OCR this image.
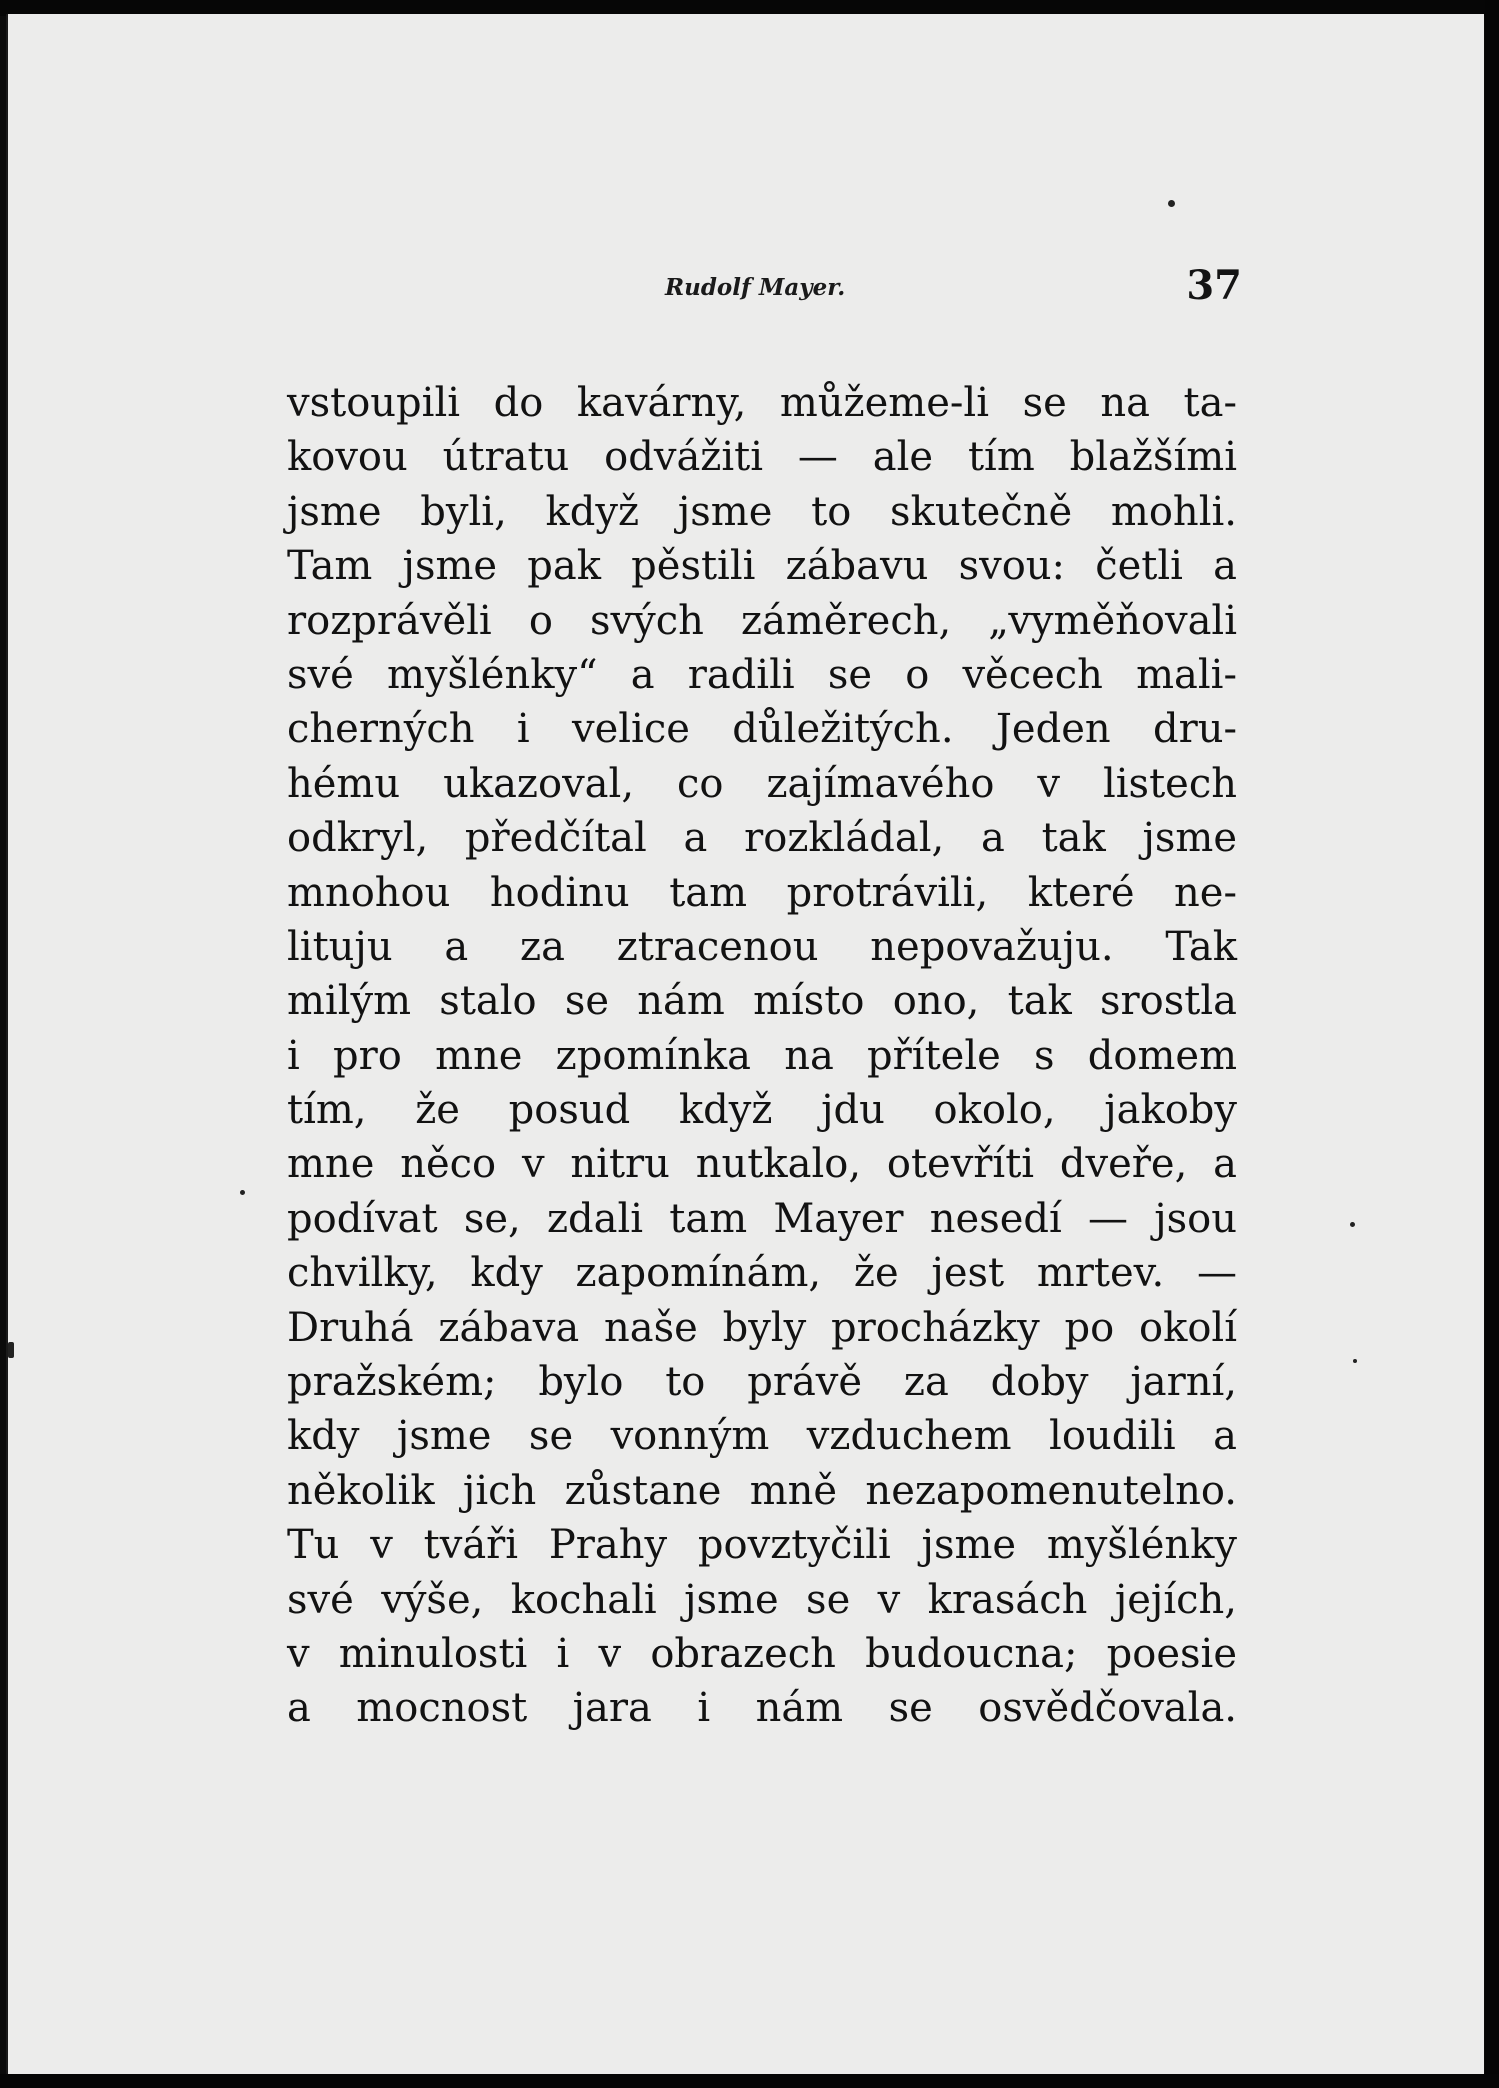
Rudolf Mayer.	37
vstoupili do kavárny, můžeme-li se na ta-
kovou útratu odvážiti — ale tím blažšími
jsme byli, když jsme to skutečně mohli.
Tam jsme pak pěstili zábavu svou: četli a
rozprávěli o svých záměrech, „vyměňovali
své myšlénky“ a radili se o věcech mali-
cherných i velice důležitých. Jeden dru-
hému ukazoval, co zajímavého v listech
odkryl, předčítal a rozkládal, a tak jsme
mnohou hodinu tam protrávili, které ne-
lituju a za ztracenou nepovažuju. Tak
milým stalo se nám místo ono, tak srostla
i pro mne zpomínka na přítele s domem
tím, že posud když jdu okolo, jakoby
mne něco v nitru nutkalo, otevříti dveře, a
podívat se, zdali tam Mayer nesedí — jsou
chvilky, kdy zapomínám, že jest mrtev. —
Druhá zábava naše byly procházky po okolí
pražském; bylo to právě za doby jarní,
kdy jsme se vonným vzduchem loudili a
několik jich zůstane mně nezapomenutelno.
Tu v tváři Prahy povztyčili jsme myšlénky
své výše, kochali jsme se v krasách jejích,
v minulosti i v obrazech budoucna; poesie
a mocnost jara i nám se osvědčovala.
